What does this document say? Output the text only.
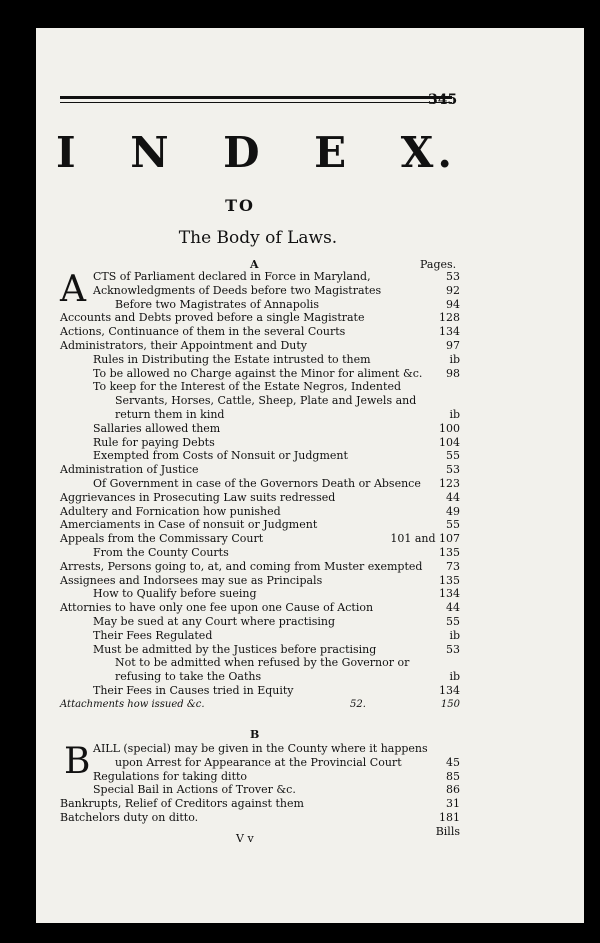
345
I N D E X.
TO
The Body of Laws.
A	Pages.
A CTS of Parliament declared in Force in Maryland,	53
Acknowledgments of Deeds before two Magistrates	92
Before two Magistrates of Annapolis	94
Accounts and Debts proved before a single Magistrate	128
Actions, Continuance of them in the several Courts	134
Administrators, their Appointment and Duty	97
Rules in Distributing the Estate intrusted to them	ib
To be allowed no Charge against the Minor for aliment &c. 98
To keep for the Interest of the Estate Negros, Indented
Servants, Horses, Cattle, Sheep, Plate and Jewels and
return them in kind	ib
Sallaries allowed them	100
Rule for paying Debts	104
Exempted from Costs of Nonsuit or Judgment	55
Administration of Justice	53
Of Government in case of the Governors Death or Absence 123
Aggrievances in Prosecuting Law suits redressed	44
Adultery and Fornication how punished	49
Amerciaments in Case of nonsuit or Judgment	55
Appeals from the Commissary Court	101 and 107
From the County Courts	135
Arrests, Persons going to, at, and coming from Muster exempted 73
Assignees and Indorsees may sue as Principals	135
How to Qualify before sueing	134
Attornies to have only one fee upon one Cause of Action	44
May be sued at any Court where practising	55
Their Fees Regulated	ib
Must be admitted by the Justices before practising	53
Not to be admitted when refused by the Governor or
refusing to take the Oaths	ib
Their Fees in Causes tried in Equity	134
Attachments how issued &c.	52.	150
B
B AILL (special) may be given in the County where it happens
upon Arrest for Appearance at the Provincial Court	45
Regulations for taking ditto	85
Special Bail in Actions of Trover &c.	86
Bankrupts, Relief of Creditors against them	31
Batchelors duty on ditto.	181
Bills
V v
